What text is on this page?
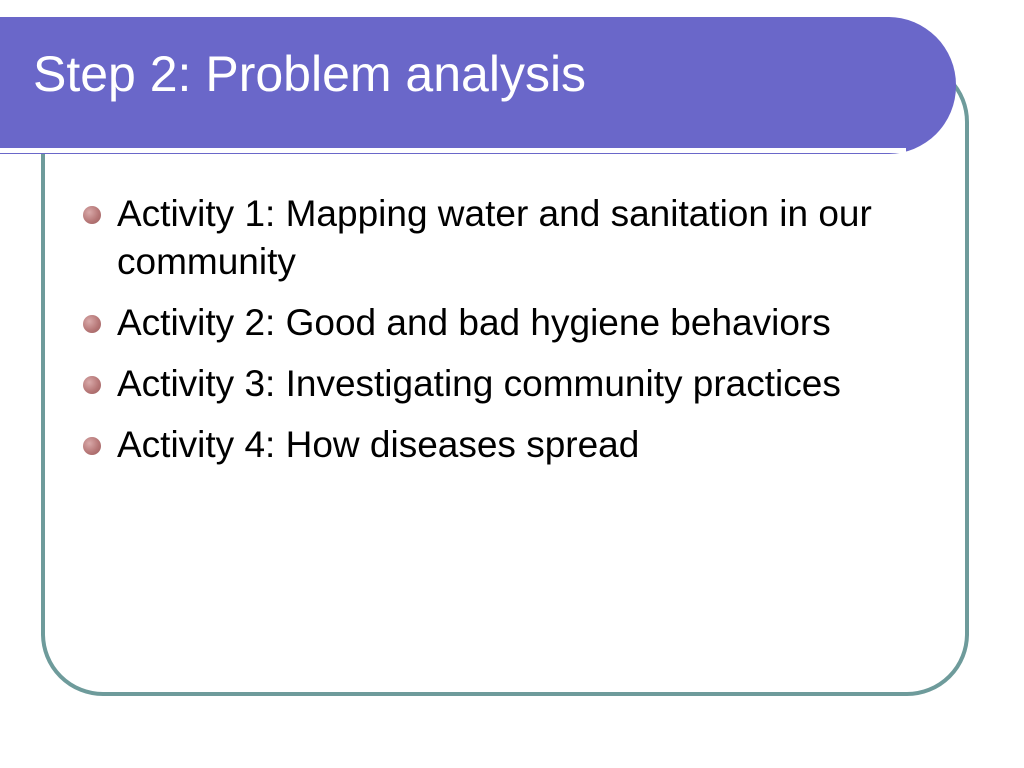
Step 2: Problem analysis
Activity 1: Mapping water and sanitation in our community
Activity 2: Good and bad hygiene behaviors
Activity 3: Investigating community practices
Activity 4: How diseases spread
